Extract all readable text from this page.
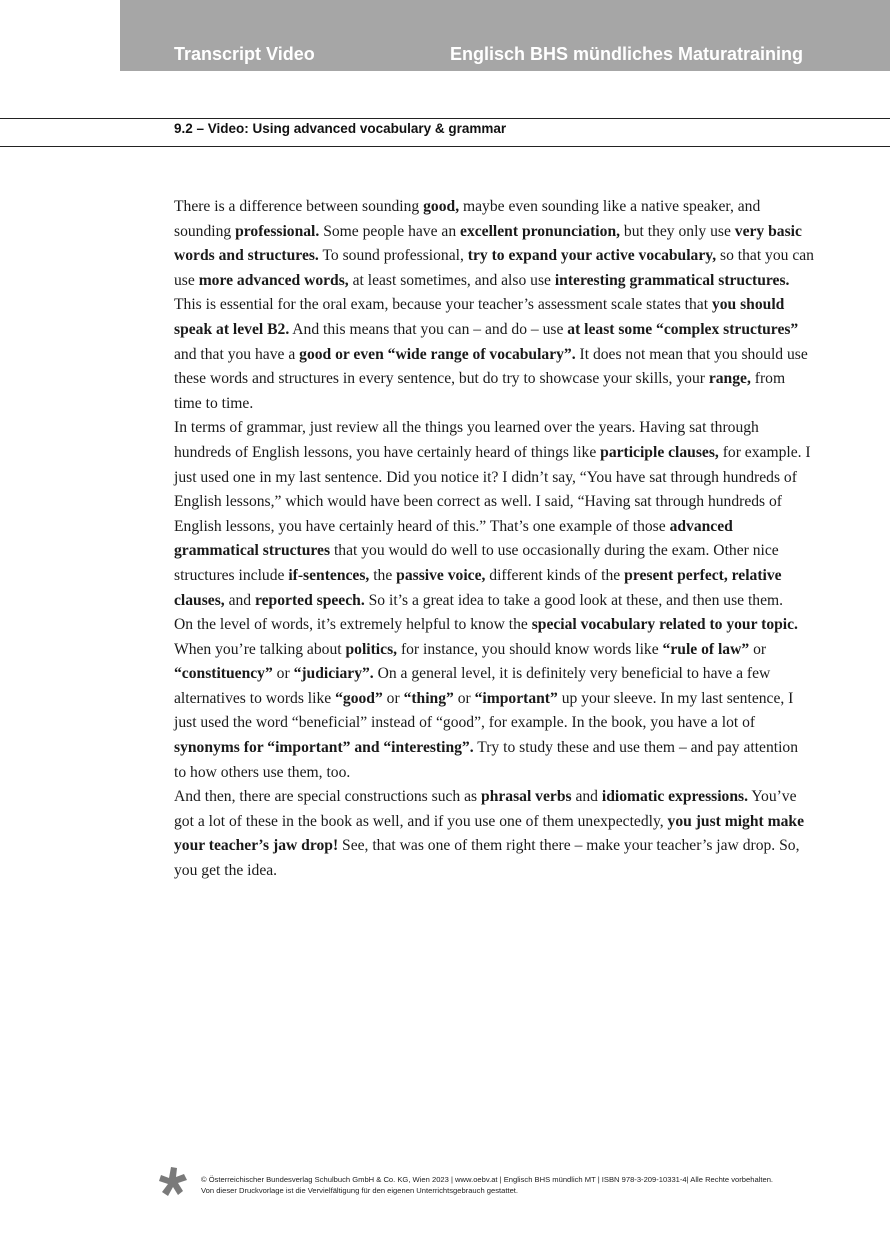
Transcript Video	Englisch BHS mündliches Maturatraining
9.2 – Video: Using advanced vocabulary & grammar

There is a difference between sounding good, maybe even sounding like a native speaker, and sounding professional. Some people have an excellent pronunciation, but they only use very basic words and structures. To sound professional, try to expand your active vocabulary, so that you can use more advanced words, at least sometimes, and also use interesting grammatical structures. This is essential for the oral exam, because your teacher’s assessment scale states that you should speak at level B2. And this means that you can – and do – use at least some “complex structures” and that you have a good or even “wide range of vocabulary”. It does not mean that you should use these words and structures in every sentence, but do try to showcase your skills, your range, from time to time.

In terms of grammar, just review all the things you learned over the years. Having sat through hundreds of English lessons, you have certainly heard of things like participle clauses, for example. I just used one in my last sentence. Did you notice it? I didn’t say, “You have sat through hundreds of English lessons,” which would have been correct as well. I said, “Having sat through hundreds of English lessons, you have certainly heard of this.” That’s one example of those advanced grammatical structures that you would do well to use occasionally during the exam. Other nice structures include if-sentences, the passive voice, different kinds of the present perfect, relative clauses, and reported speech. So it’s a great idea to take a good look at these, and then use them.

On the level of words, it’s extremely helpful to know the special vocabulary related to your topic. When you’re talking about politics, for instance, you should know words like “rule of law” or “constituency” or “judiciary”. On a general level, it is definitely very beneficial to have a few alternatives to words like “good” or “thing” or “important” up your sleeve. In my last sentence, I just used the word “beneficial” instead of “good”, for example. In the book, you have a lot of synonyms for “important” and “interesting”. Try to study these and use them – and pay attention to how others use them, too.

And then, there are special constructions such as phrasal verbs and idiomatic expressions. You’ve got a lot of these in the book as well, and if you use one of them unexpectedly, you just might make your teacher’s jaw drop! See, that was one of them right there – make your teacher’s jaw drop. So, you get the idea.

© Österreichischer Bundesverlag Schulbuch GmbH & Co. KG, Wien 2023 | www.oebv.at | Englisch BHS mündlich MT | ISBN 978-3-209-10331-4| Alle Rechte vorbehalten.
Von dieser Druckvorlage ist die Vervielfältigung für den eigenen Unterrichtsgebrauch gestattet.
